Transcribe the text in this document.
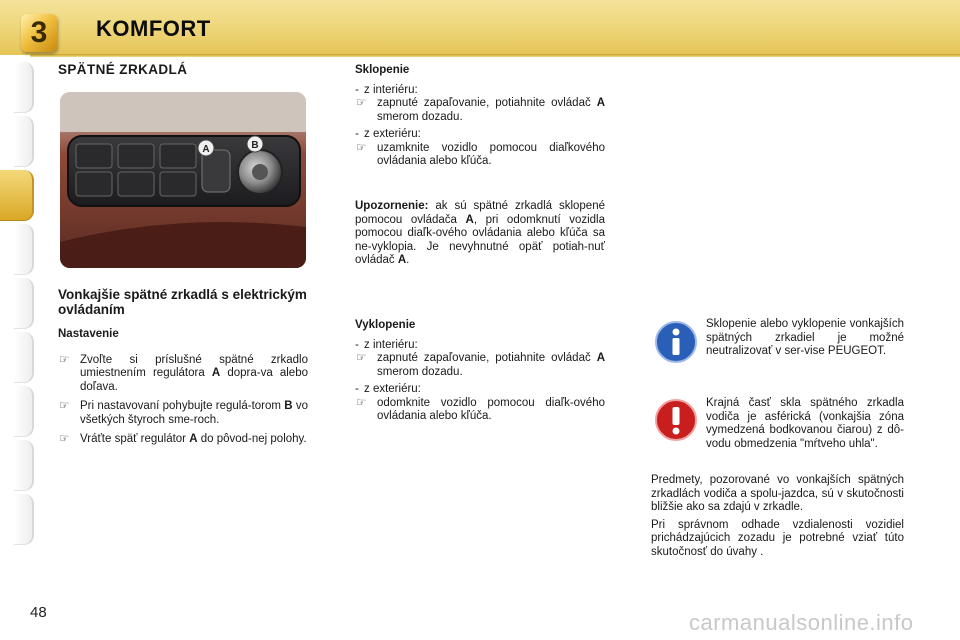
3	KOMFORT
SPÄTNÉ ZRKADLÁ
A	B
Vonkajšie spätné zrkadlá s elektrickým ovládaním
Nastavenie
☞ Zvoľte si príslušné spätné zrkadlo umiestnením regulátora A dopra-va alebo doľava.
☞ Pri nastavovaní pohybujte regulá-torom B vo všetkých štyroch sme-roch.
☞ Vráťte späť regulátor A do pôvod-nej polohy.
Sklopenie
- z interiéru:
☞ zapnuté zapaľovanie, potiahnite ovládač A smerom dozadu.
- z exteriéru:
☞ uzamknite vozidlo pomocou diaľkového ovládania alebo kľúča.

Upozornenie: ak sú spätné zrkadlá sklopené pomocou ovládača A, pri odomknutí vozidla pomocou diaľk-ového ovládania alebo kľúča sa ne-vyklopia. Je nevyhnutné opäť potiah-nuť ovládač A.

Vyklopenie
- z interiéru:
☞ zapnuté zapaľovanie, potiahnite ovládač A smerom dozadu.
- z exteriéru:
☞ odomknite vozidlo pomocou diaľk-ového ovládania alebo kľúča.

Sklopenie alebo vyklopenie vonkajších spätných zrkadiel je možné neutralizovať v ser-vise PEUGEOT.

Krajná časť skla spätného zrkadla vodiča je asférická (vonkajšia zóna vymedzená bodkovanou čiarou) z dô-vodu obmedzenia "mŕtveho uhla".

Predmety, pozorované vo vonkajších spätných zrkadlách vodiča a spolu-jazdca, sú v skutočnosti bližšie ako sa zdajú v zrkadle.

Pri správnom odhade vzdialenosti vozidiel prichádzajúcich zozadu je potrebné vziať túto skutočnosť do úvahy .

48	carmanualsonline.info
